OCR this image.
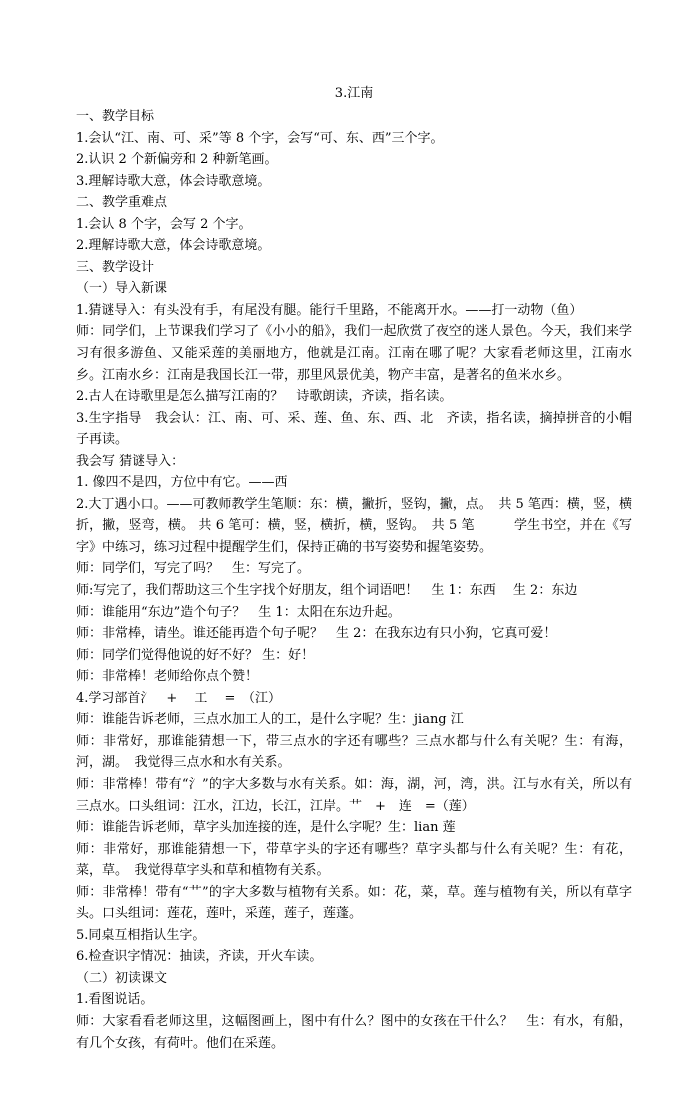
3.江南
一、教学目标
1.会认“江、南、可、采”等 8 个字，会写“可、东、西”三个字。
2.认识 2 个新偏旁和 2 种新笔画。
3.理解诗歌大意，体会诗歌意境。
二、教学重难点
1.会认 8 个字，会写 2 个字。
2.理解诗歌大意，体会诗歌意境。
三、教学设计
（一）导入新课
1.猜谜导入：有头没有手，有尾没有腿。能行千里路，不能离开水。——打一动物（鱼）
师：同学们，上节课我们学习了《小小的船》，我们一起欣赏了夜空的迷人景色。今天，我们来学习有很多游鱼、又能采莲的美丽地方，他就是江南。江南在哪了呢？大家看老师这里，江南水乡。江南水乡：江南是我国长江一带，那里风景优美，物产丰富，是著名的鱼米水乡。
2.古人在诗歌里是怎么描写江南的？　诗歌朗读，齐读，指名读。
3.生字指导　我会认：江、南、可、采、莲、鱼、东、西、北　齐读，指名读，摘掉拼音的小帽子再读。
我会写 猜谜导入：
1. 像四不是四，方位中有它。——西
2.大丁遇小口。——可教师教学生笔顺：东：横，撇折，竖钩，撇，点。　共 5 笔西：横，竖，横折，撇，竖弯，横。 共 6 笔可：横，竖，横折，横，竖钩。　共 5 笔　　　学生书空，并在《写字》中练习，练习过程中提醒学生们，保持正确的书写姿势和握笔姿势。
师：同学们，写完了吗？　生：写完了。
师:写完了，我们帮助这三个生字找个好朋友，组个词语吧！　生 1：东西　 生 2：东边
师：谁能用“东边”造个句子？　生 1：太阳在东边升起。
师：非常棒，请坐。谁还能再造个句子呢？　生 2：在我东边有只小狗，它真可爱！
师：同学们觉得他说的好不好？ 生：好！
师：非常棒！老师给你点个赞！
4.学习部首氵　+　 工　 =　（江）
师：谁能告诉老师，三点水加工人的工，是什么字呢？生：jiang 江
师：非常好，那谁能猜想一下，带三点水的字还有哪些？三点水都与什么有关呢？生：有海，河，湖。　我觉得三点水和水有关系。
师：非常棒！带有“氵”的字大多数与水有关系。如：海，湖，河，湾，洪。江与水有关，所以有三点水。口头组词：江水，江边，长江，江岸。艹　+　连　=（莲）
师：谁能告诉老师，草字头加连接的连，是什么字呢？生：lian 莲
师：非常好，那谁能猜想一下，带草字头的字还有哪些？草字头都与什么有关呢？生：有花，菜，草。　我觉得草字头和草和植物有关系。
师：非常棒！带有“艹”的字大多数与植物有关系。如：花，菜，草。莲与植物有关，所以有草字头。口头组词：莲花，莲叶，采莲，莲子，莲蓬。
5.同桌互相指认生字。
6.检查识字情况：抽读，齐读，开火车读。
（二）初读课文
1.看图说话。
师：大家看看老师这里，这幅图画上，图中有什么？图中的女孩在干什么？　生：有水，有船，有几个女孩，有荷叶。他们在采莲。
